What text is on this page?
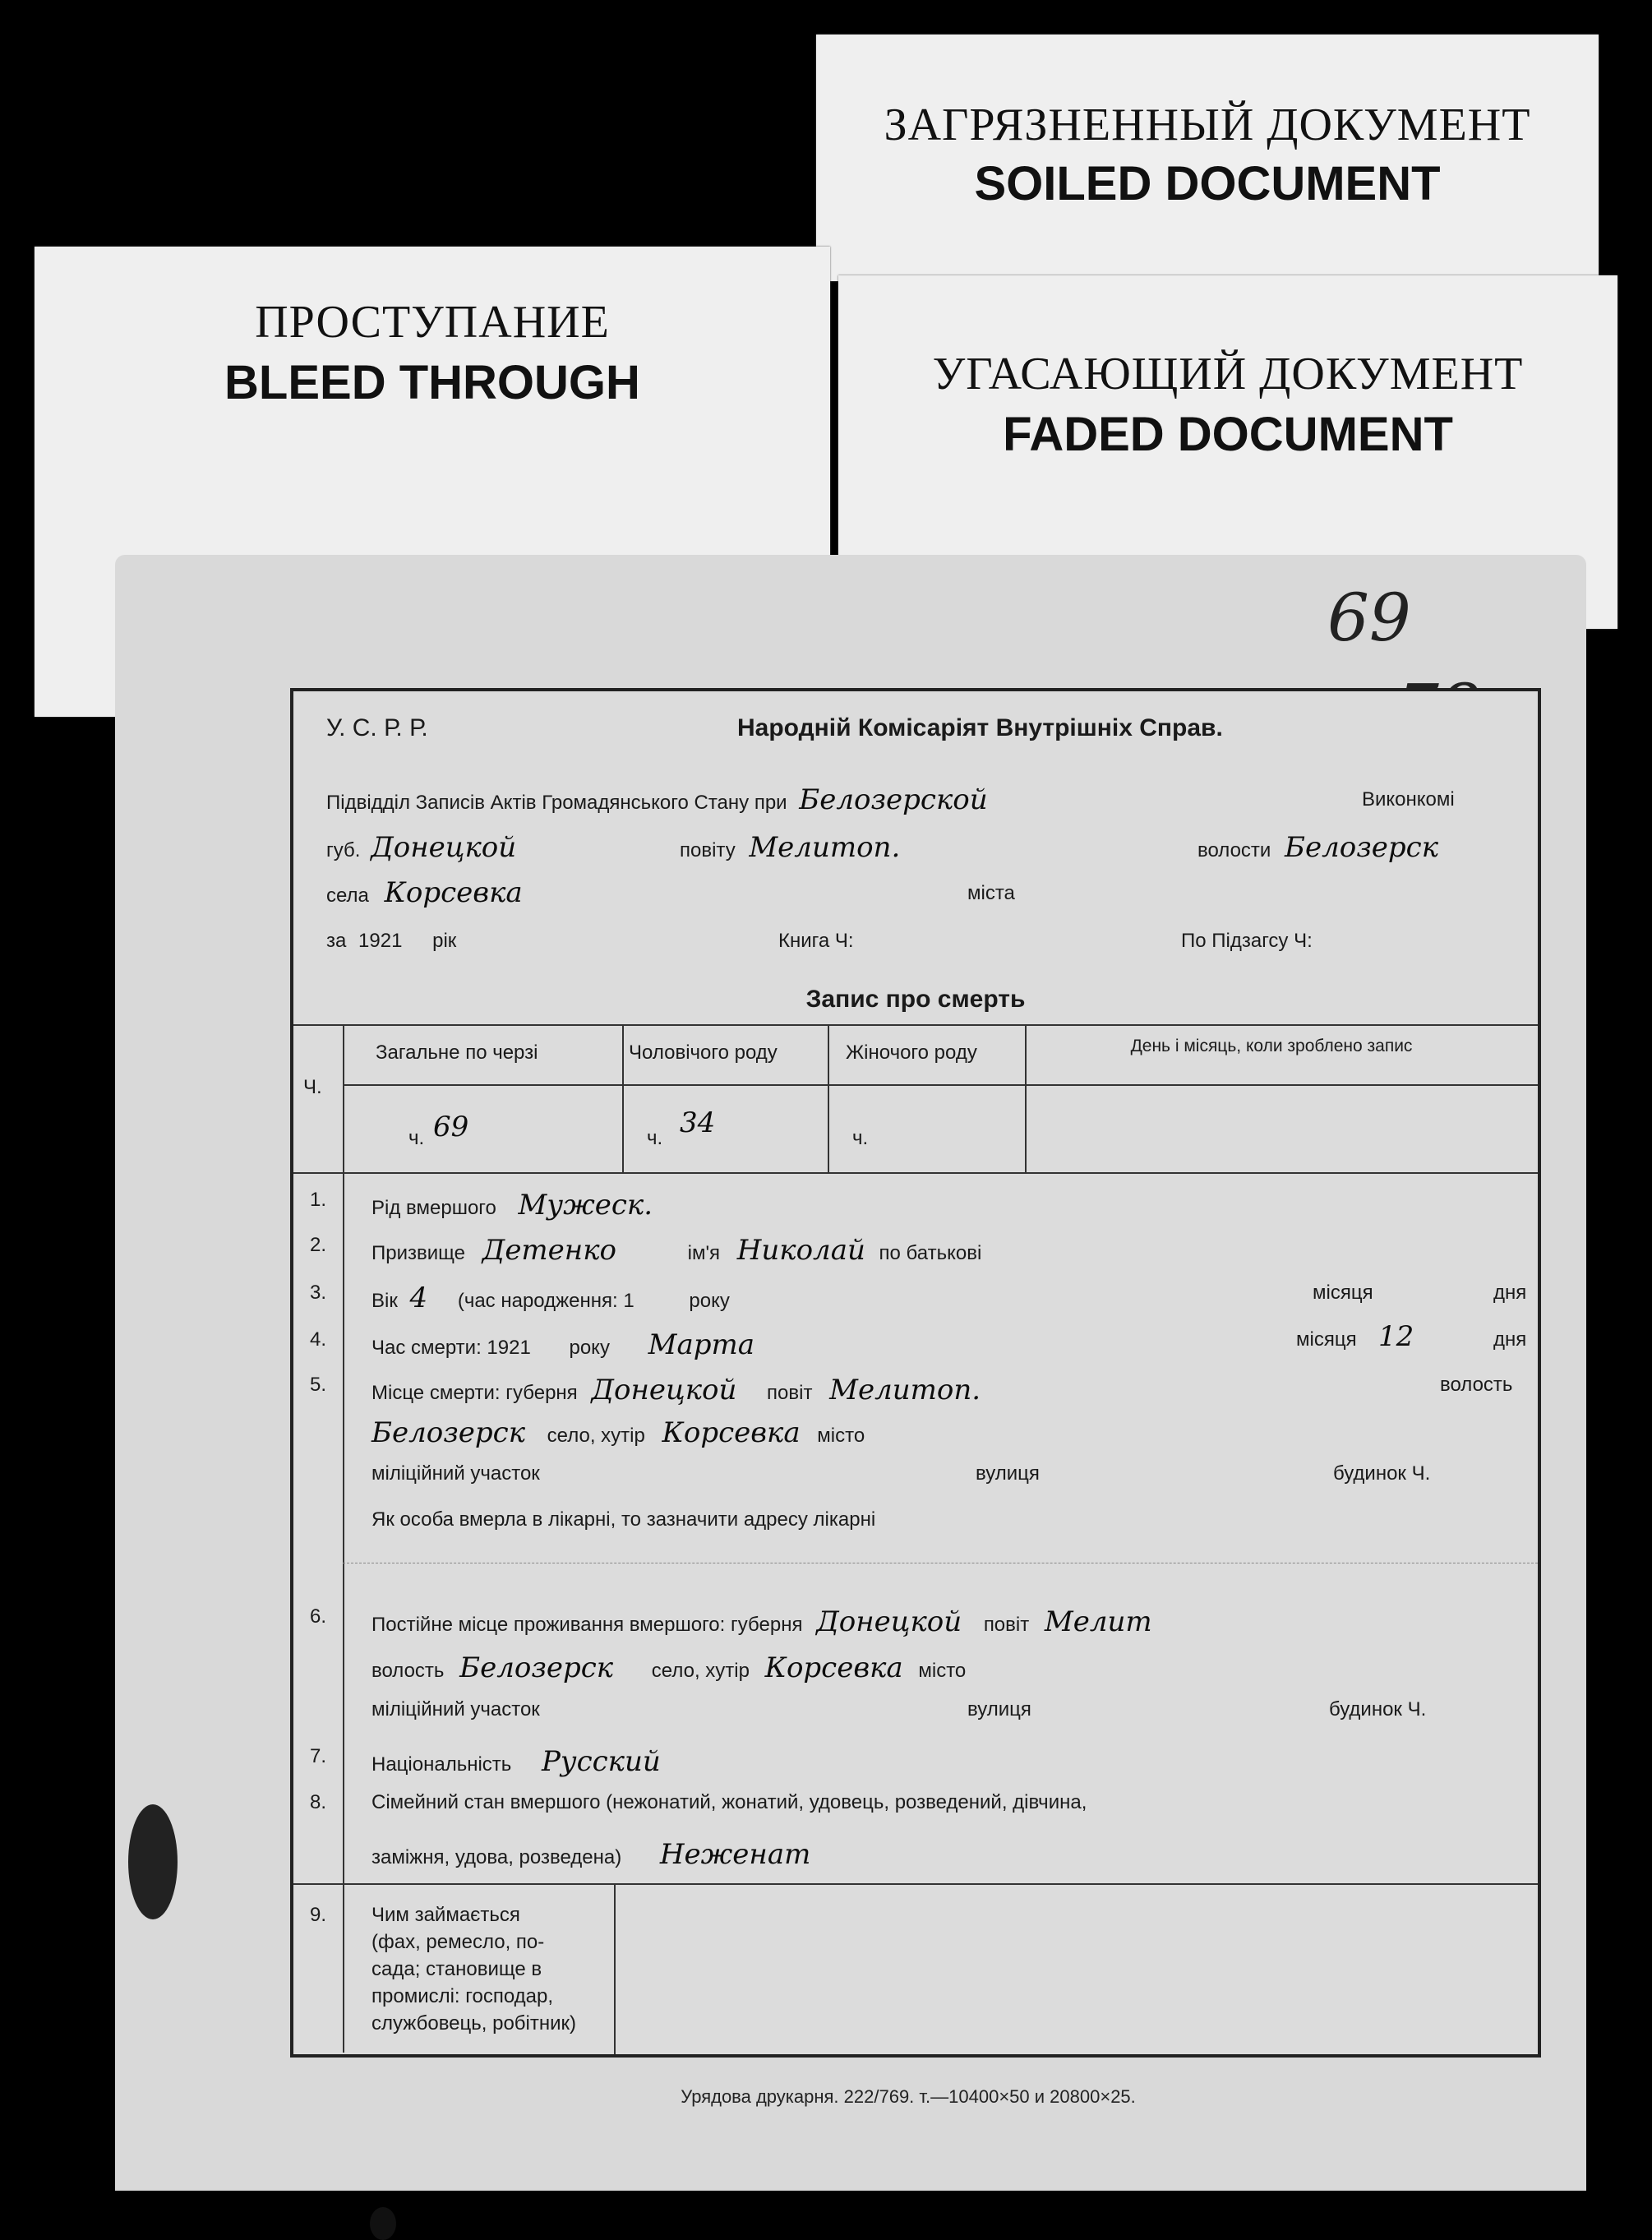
ЗАГРЯЗНЕННЫЙ ДОКУМЕНТ
SOILED DOCUMENT
ПРОСТУПАНИЕ
BLEED THROUGH	УГАСАЮЩИЙ ДОКУМЕНТ
FADED DOCUMENT
69
У. С. Р. Р.	Народній Комісаріят Внутрішніх Справ.
Підвідділ Записів Актів Громадянського Стану при Белозерской	Виконкомі
губ. Донецкой	повіту Мелитоп.	волости Белозерск
села Корсевка	міста
за 1921 рік	Книга Ч:	По Підзагсу Ч:
Запис про смерть
Ч.
Загальне по черзі	Чоловічого роду	Жіночого роду	День і місяць, коли зроблено запис
ч. 69	ч. 34	ч.
1.	Рід вмершого Мужеск.
2.	Призвище Детенко	ім'я Николай по батькові
3.	Вік 4 (час народження: 1	року	місяця	дня
4.	Час смерти: 1921 року Марта	місяця 12	дня
5.	Місце смерти: губерня Донецкой повіт Мелитоп.	волость
Белозерск село, хутір Корсевка місто
міліційний участок	вулиця	будинок Ч.
Як особа вмерла в лікарні, то зазначити адресу лікарні
6.	Постійне місце проживання вмершого: губерня Донецкой повіт Мелит
волость Белозерск село, хутір Корсевка місто
міліційний участок	вулиця	будинок Ч.
7.	Національність Русский
8.	Сімейний стан вмершого (нежонатий, жонатий, удовець, розведений, дівчина,
заміжня, удова, розведена) Неженат
9.	Чим займається
(фах, ремесло, по-
сада; становище в
промислі: господар,
службовець, робітник)
Урядова друкарня. 222/769. т.—10400×50 и 20800×25.
